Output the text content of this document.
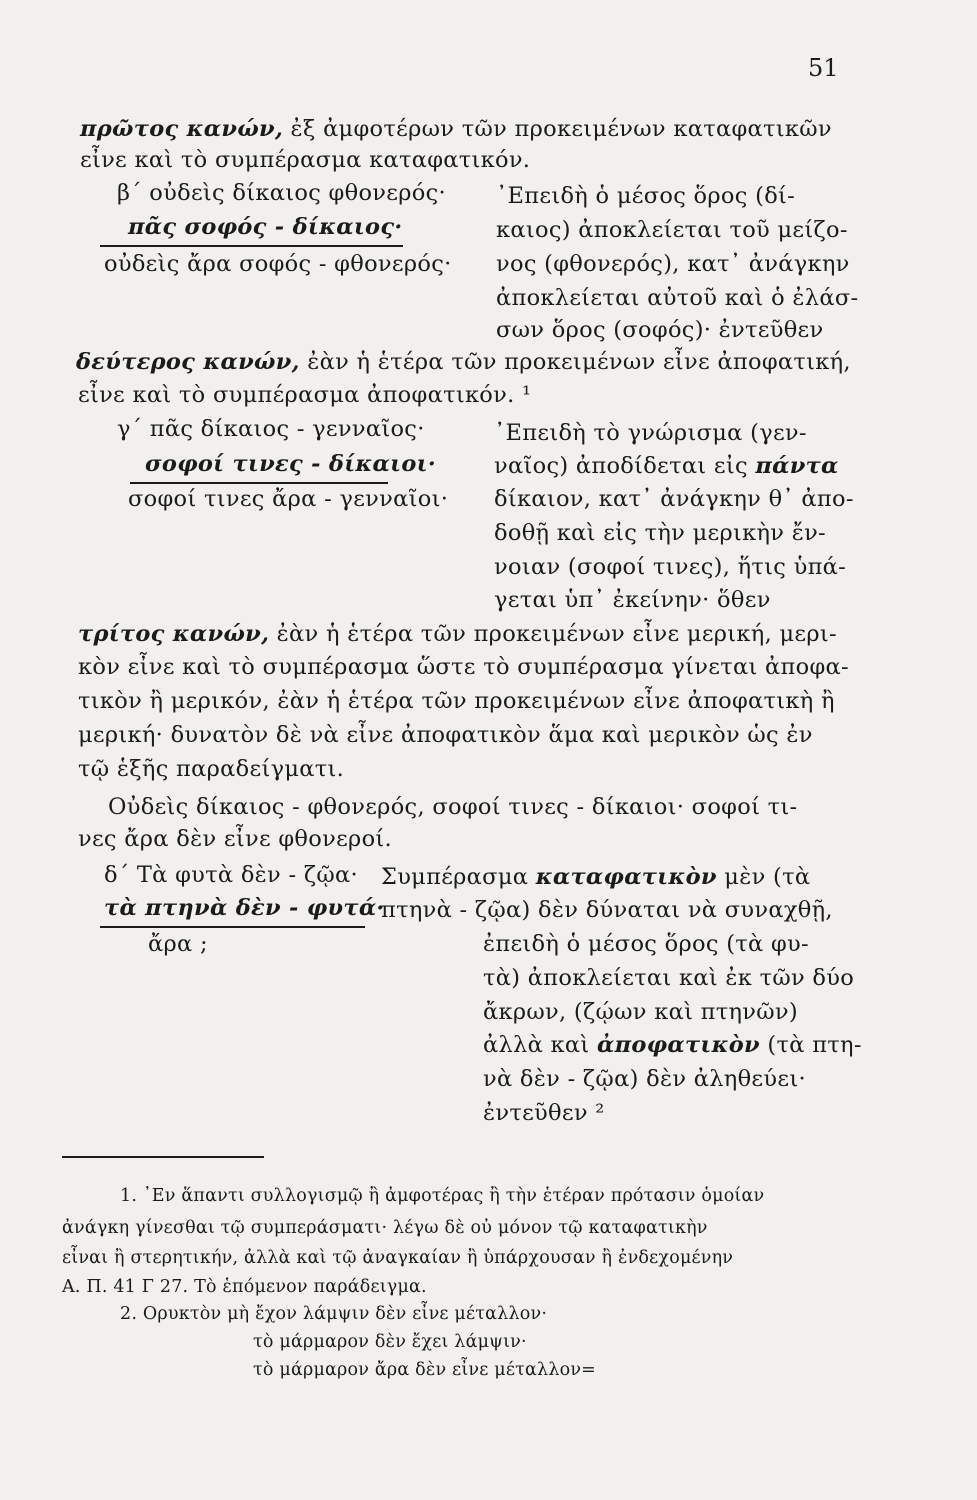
51
πρῶτος κανών, ἐξ ἀμφοτέρων τῶν προκειμένων καταφατικῶν
εἶνε καὶ τὸ συμπέρασμα καταφατικόν.
β΄ οὐδεὶς δίκαιος φθονερός·
πᾶς σοφός - δίκαιος·
οὐδεὶς ἄρα σοφός - φθονερός·
᾿Επειδὴ ὁ μέσος ὅρος (δί-
καιος) ἀποκλείεται τοῦ μείζο-
νος (φθονερός), κατ᾿ ἀνάγκην
ἀποκλείεται αὐτοῦ καὶ ὁ ἐλάσ-
σων ὅρος (σοφός)· ἐντεῦθεν
δεύτερος κανών, ἐὰν ἡ ἑτέρα τῶν προκειμένων εἶνε ἀποφατική,
εἶνε καὶ τὸ συμπέρασμα ἀποφατικόν. ¹
γ΄ πᾶς δίκαιος - γενναῖος·
σοφοί τινες - δίκαιοι·
σοφοί τινες ἄρα - γενναῖοι·
᾿Επειδὴ τὸ γνώρισμα (γεν-
ναῖος) ἀποδίδεται εἰς πάντα
δίκαιον, κατ᾿ ἀνάγκην θ᾿ ἀπο-
δοθῇ καὶ εἰς τὴν μερικὴν ἔν-
νοιαν (σοφοί τινες), ἥτις ὑπά-
γεται ὑπ᾿ ἐκείνην· ὅθεν
τρίτος κανών, ἐὰν ἡ ἑτέρα τῶν προκειμένων εἶνε μερική, μερι-
κὸν εἶνε καὶ τὸ συμπέρασμα ὥστε τὸ συμπέρασμα γίνεται ἀποφα-
τικὸν ἢ μερικόν, ἐὰν ἡ ἑτέρα τῶν προκειμένων εἶνε ἀποφατικὴ ἢ
μερική· δυνατὸν δὲ νὰ εἶνε ἀποφατικὸν ἅμα καὶ μερικὸν ὡς ἐν
τῷ ἑξῆς παραδείγματι.
Οὐδεὶς δίκαιος - φθονερός, σοφοί τινες - δίκαιοι· σοφοί τι-
νες ἄρα δὲν εἶνε φθονεροί.
δ΄ Τὰ φυτὰ δὲν - ζῷα·
τὰ πτηνὰ δὲν - φυτά·
ἄρα ;
Συμπέρασμα καταφατικὸν μὲν (τὰ
πτηνὰ - ζῷα) δὲν δύναται νὰ συναχθῇ,
ἐπειδὴ ὁ μέσος ὅρος (τὰ φυ-
τὰ) ἀποκλείεται καὶ ἐκ τῶν δύο
ἄκρων, (ζῴων καὶ πτηνῶν)
ἀλλὰ καὶ ἀποφατικὸν (τὰ πτη-
νὰ δὲν - ζῷα) δὲν ἀληθεύει·
ἐντεῦθεν ²
1. ᾿Εν ἅπαντι συλλογισμῷ ἢ ἀμφοτέρας ἢ τὴν ἑτέραν πρότασιν ὁμοίαν
ἀνάγκη γίνεσθαι τῷ συμπεράσματι· λέγω δὲ οὐ μόνον τῷ καταφατικὴν
εἶναι ἢ στερητικήν, ἀλλὰ καὶ τῷ ἀναγκαίαν ἢ ὑπάρχουσαν ἢ ἐνδεχομένην
Α. Π. 41 Γ 27. Τὸ ἑπόμενον παράδειγμα.
2. Ορυκτὸν μὴ ἔχον λάμψιν δὲν εἶνε μέταλλον·
τὸ μάρμαρον δὲν ἔχει λάμψιν·
τὸ μάρμαρον ἄρα δὲν εἶνε μέταλλον=
